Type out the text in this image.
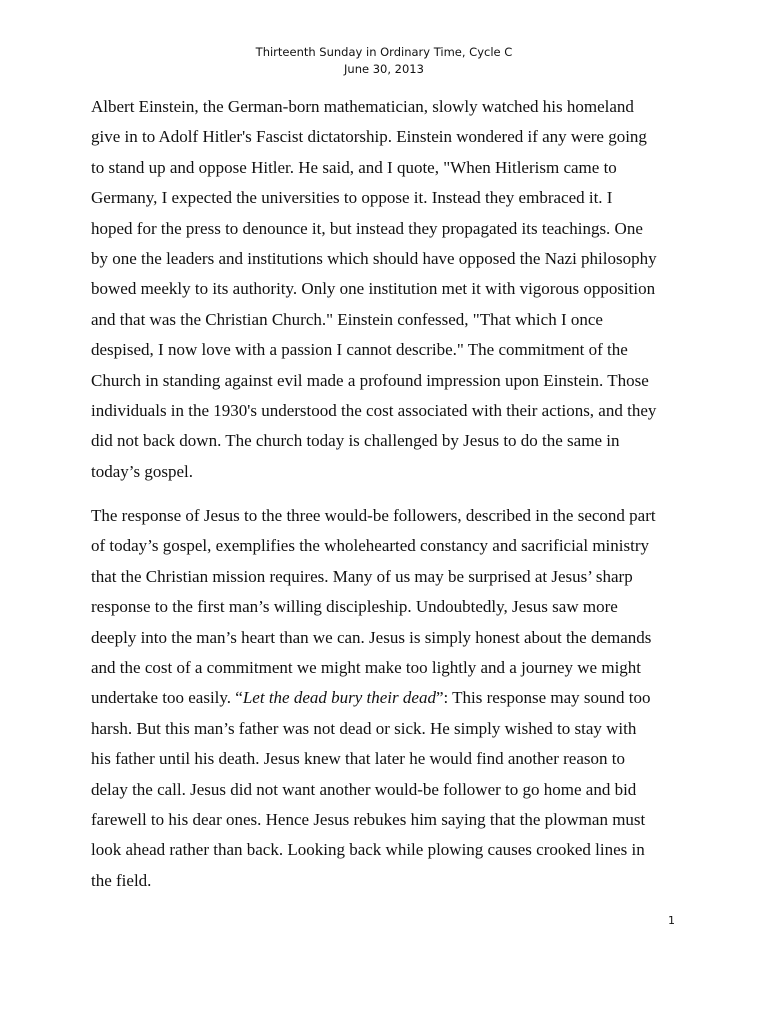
Thirteenth Sunday in Ordinary Time, Cycle C
June 30, 2013
Albert Einstein, the German-born mathematician, slowly watched his homeland
give in to Adolf Hitler's Fascist dictatorship. Einstein wondered if any were going
to stand up and oppose Hitler. He said, and I quote, "When Hitlerism came to
Germany, I expected the universities to oppose it. Instead they embraced it. I
hoped for the press to denounce it, but instead they propagated its teachings. One
by one the leaders and institutions which should have opposed the Nazi philosophy
bowed meekly to its authority. Only one institution met it with vigorous opposition
and that was the Christian Church." Einstein confessed, "That which I once
despised, I now love with a passion I cannot describe." The commitment of the
Church in standing against evil made a profound impression upon Einstein. Those
individuals in the 1930's understood the cost associated with their actions, and they
did not back down. The church today is challenged by Jesus to do the same in
today’s gospel.
The response of Jesus to the three would-be followers, described in the second part
of today’s gospel, exemplifies the wholehearted constancy and sacrificial ministry
that the Christian mission requires. Many of us may be surprised at Jesus’ sharp
response to the first man’s willing discipleship. Undoubtedly, Jesus saw more
deeply into the man’s heart than we can. Jesus is simply honest about the demands
and the cost of a commitment we might make too lightly and a journey we might
undertake too easily. “Let the dead bury their dead”: This response may sound too
harsh. But this man’s father was not dead or sick. He simply wished to stay with
his father until his death. Jesus knew that later he would find another reason to
delay the call. Jesus did not want another would-be follower to go home and bid
farewell to his dear ones. Hence Jesus rebukes him saying that the plowman must
look ahead rather than back. Looking back while plowing causes crooked lines in
the field.
1
